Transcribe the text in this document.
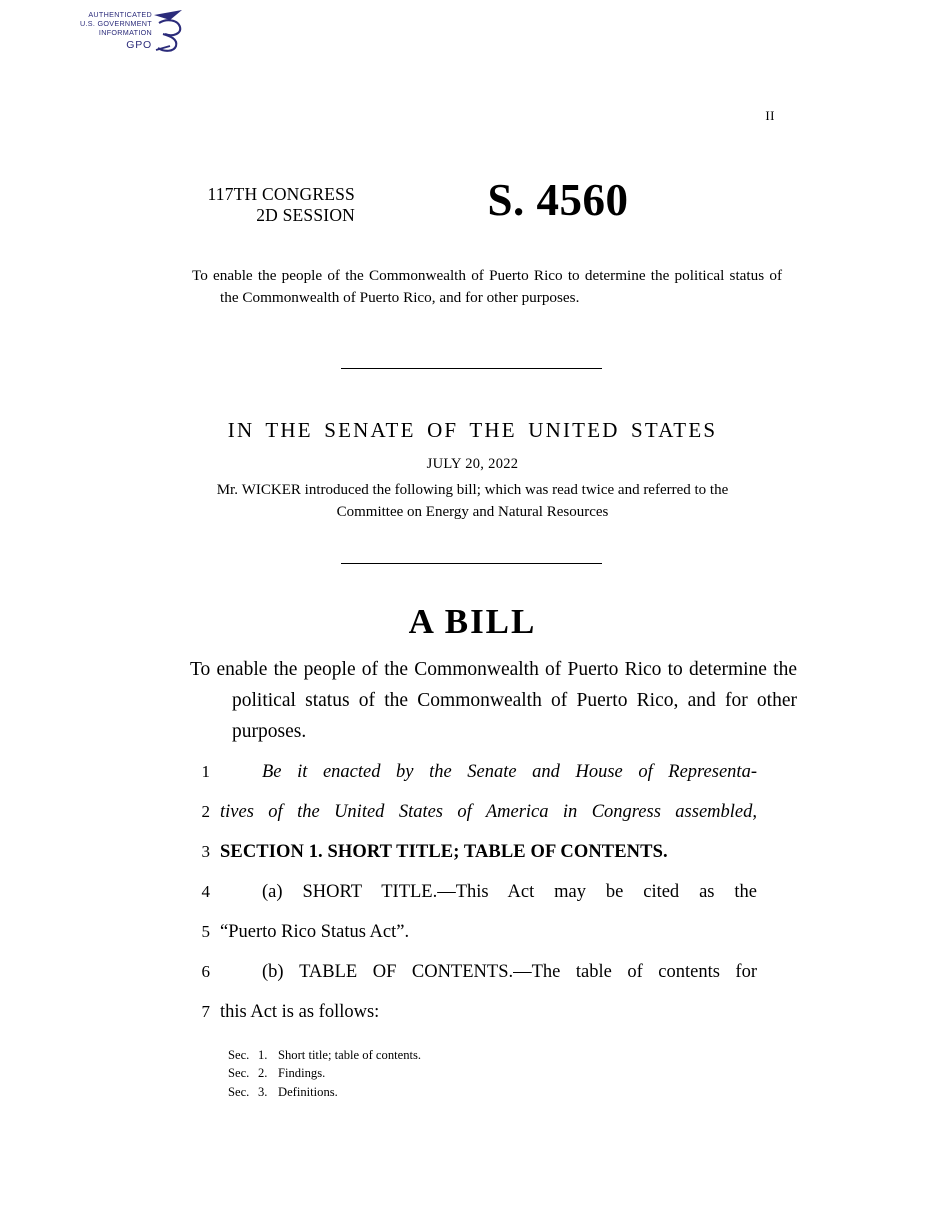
AUTHENTICATED
U.S. GOVERNMENT
INFORMATION
GPO
II
117TH CONGRESS
2D SESSION	S. 4560
To enable the people of the Commonwealth of Puerto Rico to determine the political status of the Commonwealth of Puerto Rico, and for other purposes.
IN THE SENATE OF THE UNITED STATES
JULY 20, 2022
Mr. WICKER introduced the following bill; which was read twice and referred to the Committee on Energy and Natural Resources
A BILL
To enable the people of the Commonwealth of Puerto Rico to determine the political status of the Commonwealth of Puerto Rico, and for other purposes.
1	Be it enacted by the Senate and House of Representa-
2 tives of the United States of America in Congress assembled,
3 SECTION 1. SHORT TITLE; TABLE OF CONTENTS.
4	(a) SHORT TITLE.—This Act may be cited as the
5 “Puerto Rico Status Act”.
6	(b) TABLE OF CONTENTS.—The table of contents for
7 this Act is as follows:
Sec. 1. Short title; table of contents.
Sec. 2. Findings.
Sec. 3. Definitions.
